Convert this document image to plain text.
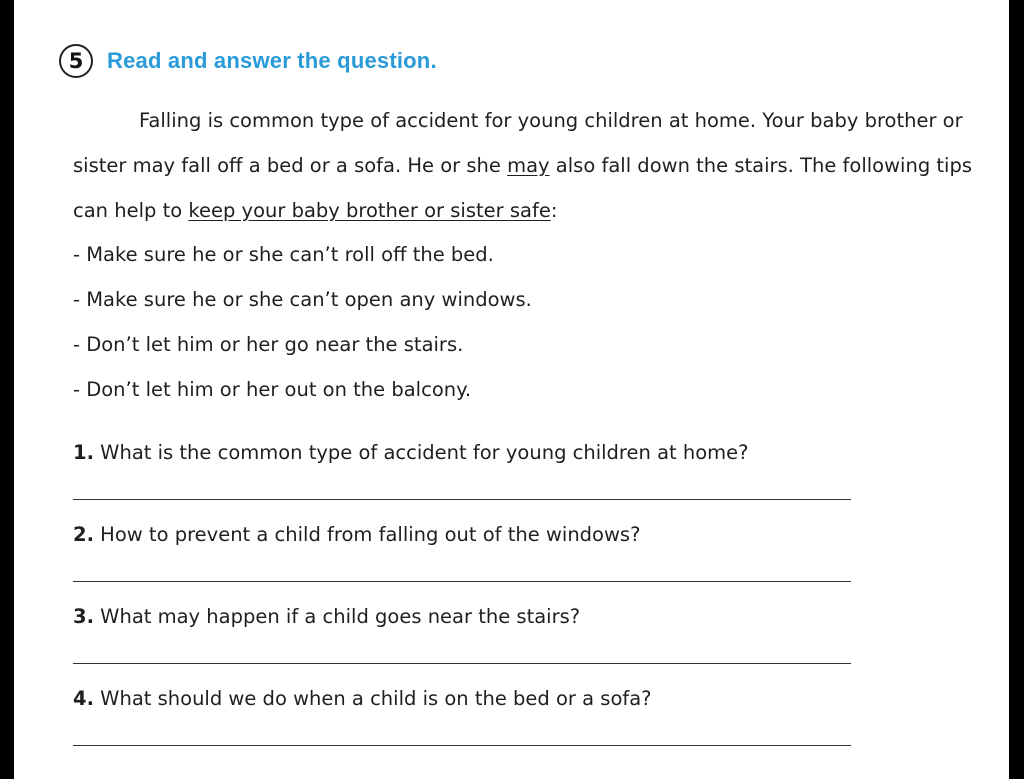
5	Read and answer the question.

Falling is common type of accident for young children at home. Your baby brother or sister may fall off a bed or a sofa. He or she may also fall down the stairs. The following tips can help to keep your baby brother or sister safe:

- Make sure he or she can’t roll off the bed.
- Make sure he or she can’t open any windows.
- Don’t let him or her go near the stairs.
- Don’t let him or her out on the balcony.
1. What is the common type of accident for young children at home?
2. How to prevent a child from falling out of the windows?
3. What may happen if a child goes near the stairs?
4. What should we do when a child is on the bed or a sofa?
